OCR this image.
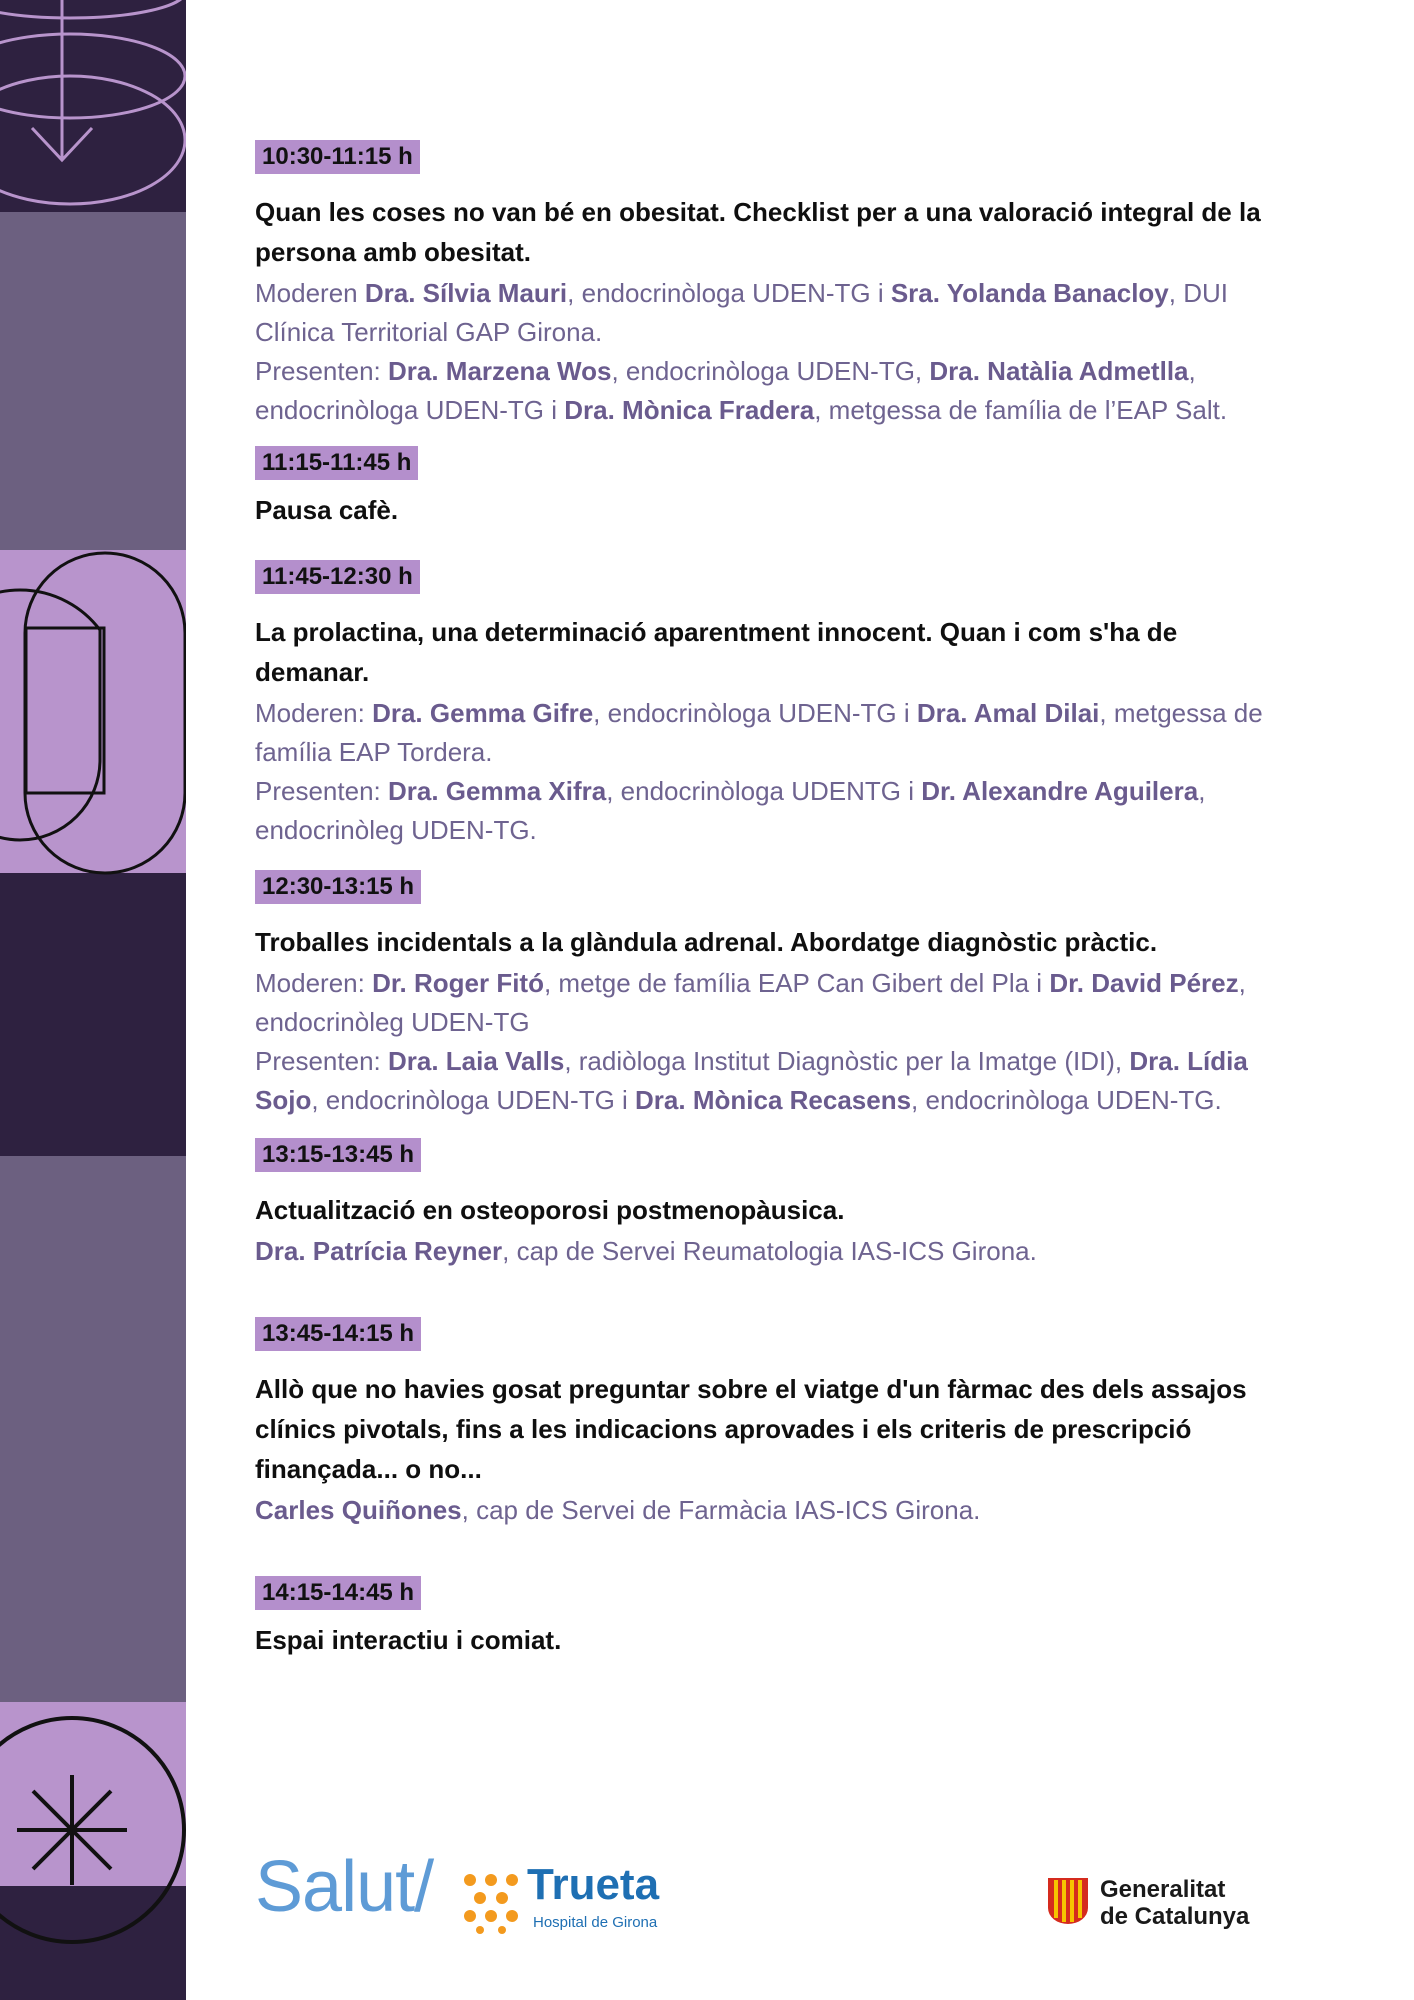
10:30-11:15 h
Quan les coses no van bé en obesitat. Checklist per a una valoració integral de la persona amb obesitat.
Moderen Dra. Sílvia Mauri, endocrinòloga UDEN-TG i Sra. Yolanda Banacloy, DUI Clínica Territorial GAP Girona.
Presenten: Dra. Marzena Wos, endocrinòloga UDEN-TG, Dra. Natàlia Admetlla, endocrinòloga UDEN-TG i Dra. Mònica Fradera, metgessa de família de l’EAP Salt.
11:15-11:45 h
Pausa cafè.
11:45-12:30 h
La prolactina, una determinació aparentment innocent. Quan i com s'ha de demanar.
Moderen: Dra. Gemma Gifre, endocrinòloga UDEN-TG i Dra. Amal Dilai, metgessa de família EAP Tordera.
Presenten: Dra. Gemma Xifra, endocrinòloga UDENTG i Dr. Alexandre Aguilera, endocrinòleg UDEN-TG.
12:30-13:15 h
Troballes incidentals a la glàndula adrenal. Abordatge diagnòstic pràctic.
Moderen: Dr. Roger Fitó, metge de família EAP Can Gibert del Pla i Dr. David Pérez, endocrinòleg UDEN-TG
Presenten: Dra. Laia Valls, radiòloga Institut Diagnòstic per la Imatge (IDI), Dra. Lídia Sojo, endocrinòloga UDEN-TG i Dra. Mònica Recasens, endocrinòloga UDEN-TG.
13:15-13:45 h
Actualització en osteoporosi postmenopàusica.
Dra. Patrícia Reyner, cap de Servei Reumatologia IAS-ICS Girona.
13:45-14:15 h
Allò que no havies gosat preguntar sobre el viatge d'un fàrmac des dels assajos clínics pivotals, fins a les indicacions aprovades i els criteris de prescripció finançada... o no...
Carles Quiñones, cap de Servei de Farmàcia IAS-ICS Girona.
14:15-14:45 h
Espai interactiu i comiat.
Salut/ Trueta
Hospital de Girona
Generalitat
de Catalunya
